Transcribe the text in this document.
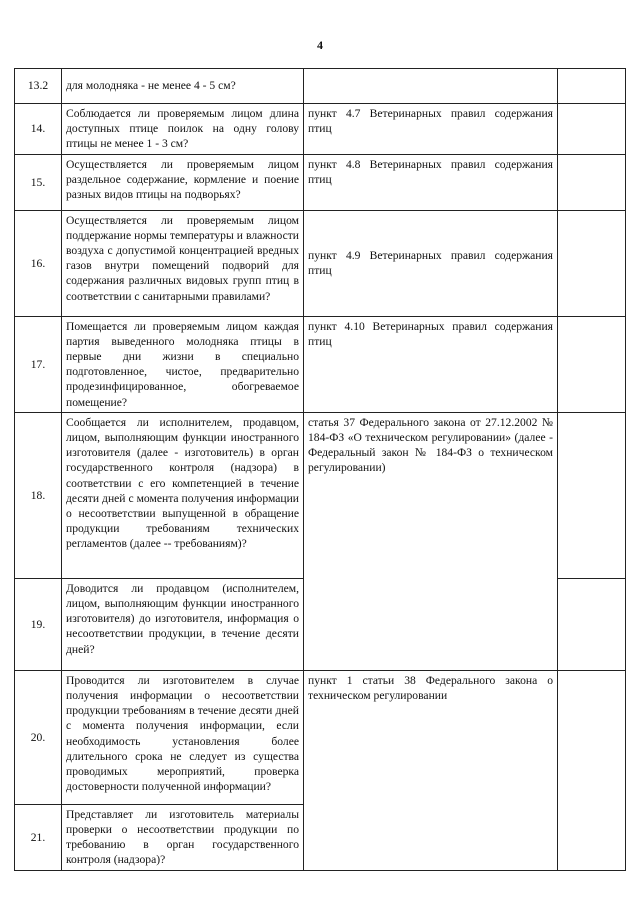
4
13.2	для молодняка - не менее 4 - 5 см?		
14.	Соблюдается ли проверяемым лицом длина доступных птице поилок на одну голову птицы не менее 1 - 3 см?	пункт 4.7 Ветеринарных правил содержания птиц	
15.	Осуществляется ли проверяемым лицом раздельное содержание, кормление и поение разных видов птицы на подворьях?	пункт 4.8 Ветеринарных правил содержания птиц	
16.	Осуществляется ли проверяемым лицом поддержание нормы температуры и влажности воздуха с допустимой концентрацией вредных газов внутри помещений подворий для содержания различных видовых групп птиц в соответствии с санитарными правилами?	пункт 4.9 Ветеринарных правил содержания птиц	
17.	Помещается ли проверяемым лицом каждая партия выведенного молодняка птицы в первые дни жизни в специально подготовленное, чистое, предварительно продезинфицированное, обогреваемое помещение?	пункт 4.10 Ветеринарных правил содержания птиц	
18.	Сообщается ли исполнителем, продавцом, лицом, выполняющим функции иностранного изготовителя (далее - изготовитель) в орган государственного контроля (надзора) в соответствии с его компетенцией в течение десяти дней с момента получения информации о несоответствии выпущенной в обращение продукции требованиям технических регламентов (далее -- требованиям)?	статья 37 Федерального закона от 27.12.2002 № 184-ФЗ «О техническом регулировании» (далее - Федеральный закон № 184-ФЗ о техническом регулировании)	
19.	Доводится ли продавцом (исполнителем, лицом, выполняющим функции иностранного изготовителя) до изготовителя, информация о несоответствии продукции, в течение десяти дней?		
20.	Проводится ли изготовителем в случае получения информации о несоответствии продукции требованиям в течение десяти дней с момента получения информации, если необходимость установления более длительного срока не следует из существа проводимых мероприятий, проверка достоверности полученной информации?	пункт 1 статьи 38 Федерального закона о техническом регулировании	
21.	Представляет ли изготовитель материалы проверки о несоответствии продукции по требованию в орган государственного контроля (надзора)?		
